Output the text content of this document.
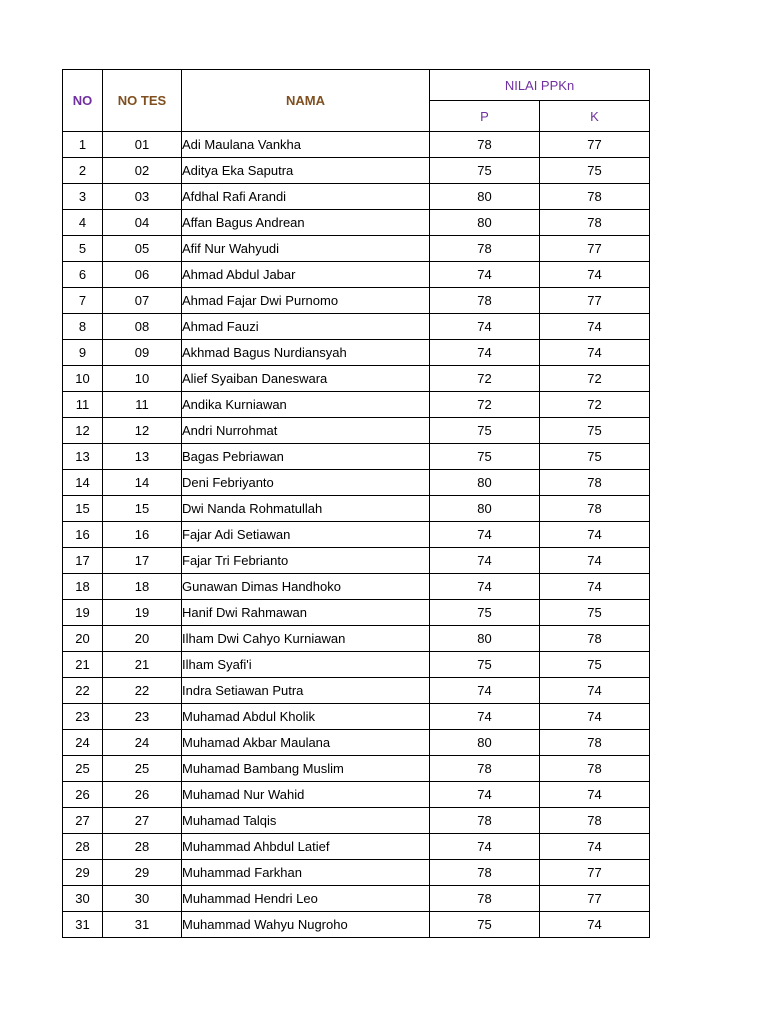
NO	NO TES	NAMA	NILAI PPKn	
			P	K
1	01	Adi Maulana Vankha	78	77
2	02	Aditya Eka Saputra	75	75
3	03	Afdhal Rafi Arandi	80	78
4	04	Affan Bagus Andrean	80	78
5	05	Afif Nur Wahyudi	78	77
6	06	Ahmad Abdul Jabar	74	74
7	07	Ahmad Fajar Dwi Purnomo	78	77
8	08	Ahmad Fauzi	74	74
9	09	Akhmad Bagus Nurdiansyah	74	74
10	10	Alief Syaiban Daneswara	72	72
11	11	Andika Kurniawan	72	72
12	12	Andri Nurrohmat	75	75
13	13	Bagas Pebriawan	75	75
14	14	Deni Febriyanto	80	78
15	15	Dwi Nanda Rohmatullah	80	78
16	16	Fajar Adi Setiawan	74	74
17	17	Fajar Tri Febrianto	74	74
18	18	Gunawan Dimas Handhoko	74	74
19	19	Hanif Dwi Rahmawan	75	75
20	20	Ilham Dwi Cahyo Kurniawan	80	78
21	21	Ilham Syafi'i	75	75
22	22	Indra Setiawan Putra	74	74
23	23	Muhamad Abdul Kholik	74	74
24	24	Muhamad Akbar Maulana	80	78
25	25	Muhamad Bambang Muslim	78	78
26	26	Muhamad Nur Wahid	74	74
27	27	Muhamad Talqis	78	78
28	28	Muhammad Ahbdul Latief	74	74
29	29	Muhammad Farkhan	78	77
30	30	Muhammad Hendri Leo	78	77
31	31	Muhammad Wahyu Nugroho	75	74
